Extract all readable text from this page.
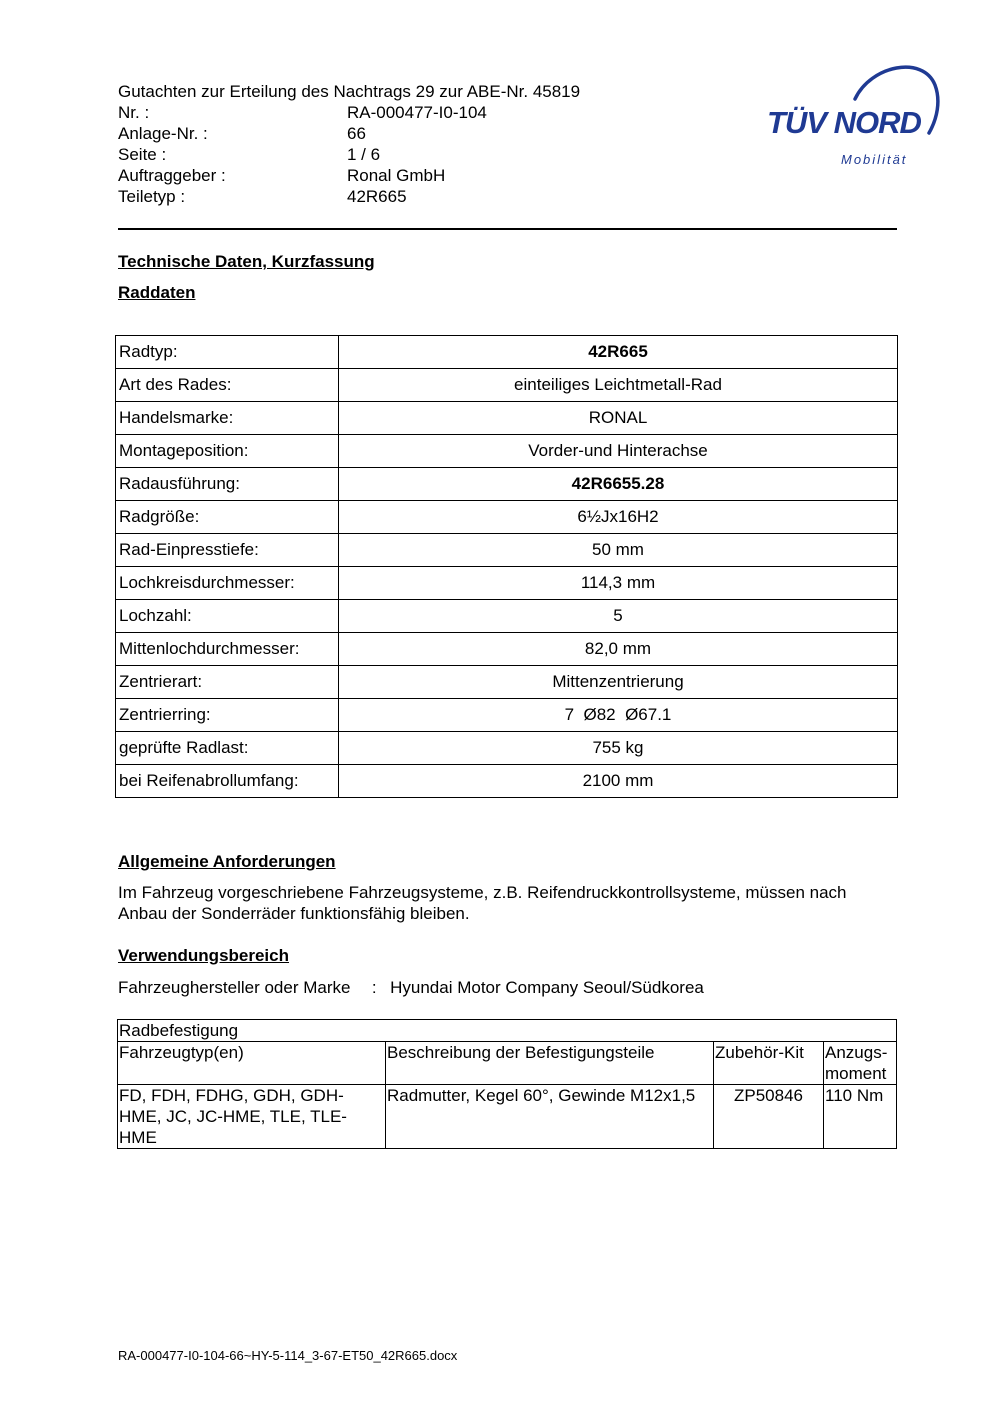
Gutachten zur Erteilung des Nachtrags 29 zur ABE-Nr. 45819
Nr. :	RA-000477-I0-104
Anlage-Nr. :	66
Seite :	1 / 6
Auftraggeber :	Ronal GmbH
Teiletyp :	42R665
TÜV NORD
Mobilität
Technische Daten, Kurzfassung
Raddaten
Radtyp:	42R665
Art des Rades:	einteiliges Leichtmetall-Rad
Handelsmarke:	RONAL
Montageposition:	Vorder-und Hinterachse
Radausführung:	42R6655.28
Radgröße:	6½Jx16H2
Rad-Einpresstiefe:	50 mm
Lochkreisdurchmesser:	114,3 mm
Lochzahl:	5
Mittenlochdurchmesser:	82,0 mm
Zentrierart:	Mittenzentrierung
Zentrierring:	7  Ø82  Ø67.1
geprüfte Radlast:	755 kg
bei Reifenabrollumfang:	2100 mm
Allgemeine Anforderungen
Im Fahrzeug vorgeschriebene Fahrzeugsysteme, z.B. Reifendruckkontrollsysteme, müssen nach Anbau der Sonderräder funktionsfähig bleiben.
Verwendungsbereich
Fahrzeughersteller oder Marke : Hyundai Motor Company Seoul/Südkorea
Radbefestigung			
Fahrzeugtyp(en)	Beschreibung der Befestigungsteile	Zubehör-Kit	Anzugs-moment
FD, FDH, FDHG, GDH, GDH-HME, JC, JC-HME, TLE, TLE-HME	Radmutter, Kegel 60°, Gewinde M12x1,5	ZP50846	110 Nm
RA-000477-I0-104-66~HY-5-114_3-67-ET50_42R665.docx
